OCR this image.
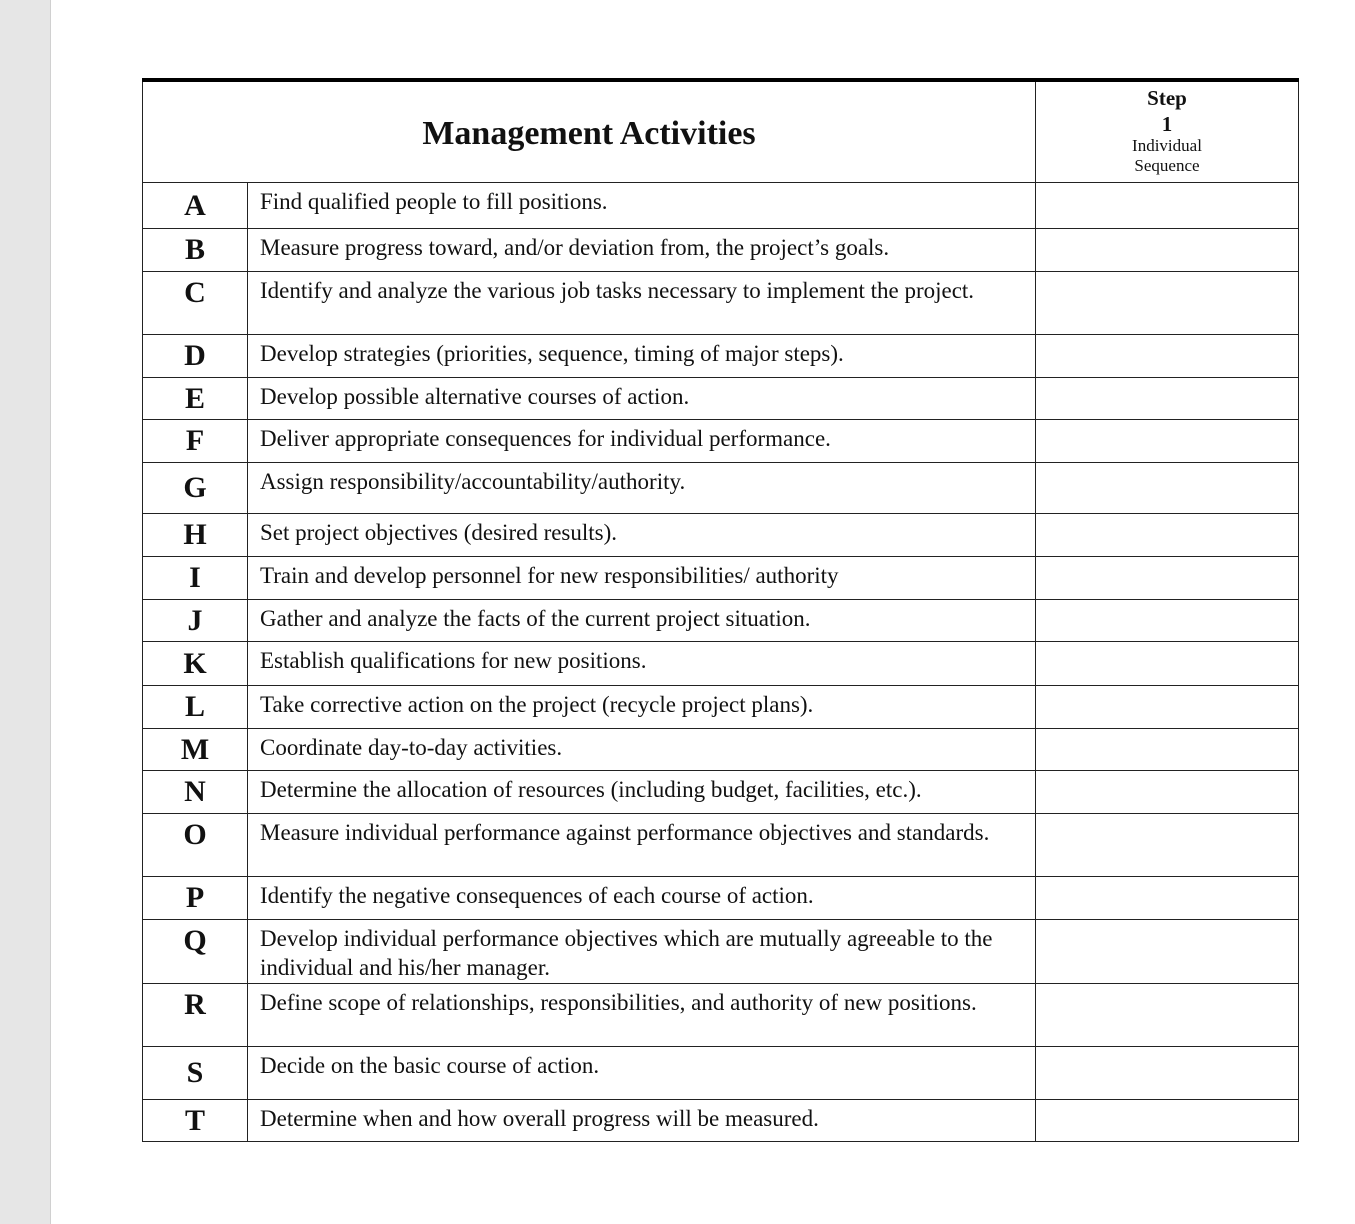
Management Activities		Step
1
Individual
Sequence

A	Find qualified people to fill positions.	
B	Measure progress toward, and/or deviation from, the project’s goals.	
C	Identify and analyze the various job tasks necessary to implement the project.	
D	Develop strategies (priorities, sequence, timing of major steps).	
E	Develop possible alternative courses of action.	
F	Deliver appropriate consequences for individual performance.	
G	Assign responsibility/accountability/authority.	
H	Set project objectives (desired results).	
I	Train and develop personnel for new responsibilities/ authority	
J	Gather and analyze the facts of the current project situation.	
K	Establish qualifications for new positions.	
L	Take corrective action on the project (recycle project plans).	
M	Coordinate day-to-day activities.	
N	Determine the allocation of resources (including budget, facilities, etc.).	
O	Measure individual performance against performance objectives and standards.	
P	Identify the negative consequences of each course of action.	
Q	Develop individual performance objectives which are mutually agreeable to the individual and his/her manager.	
R	Define scope of relationships, responsibilities, and authority of new positions.	
S	Decide on the basic course of action.	
T	Determine when and how overall progress will be measured.	
